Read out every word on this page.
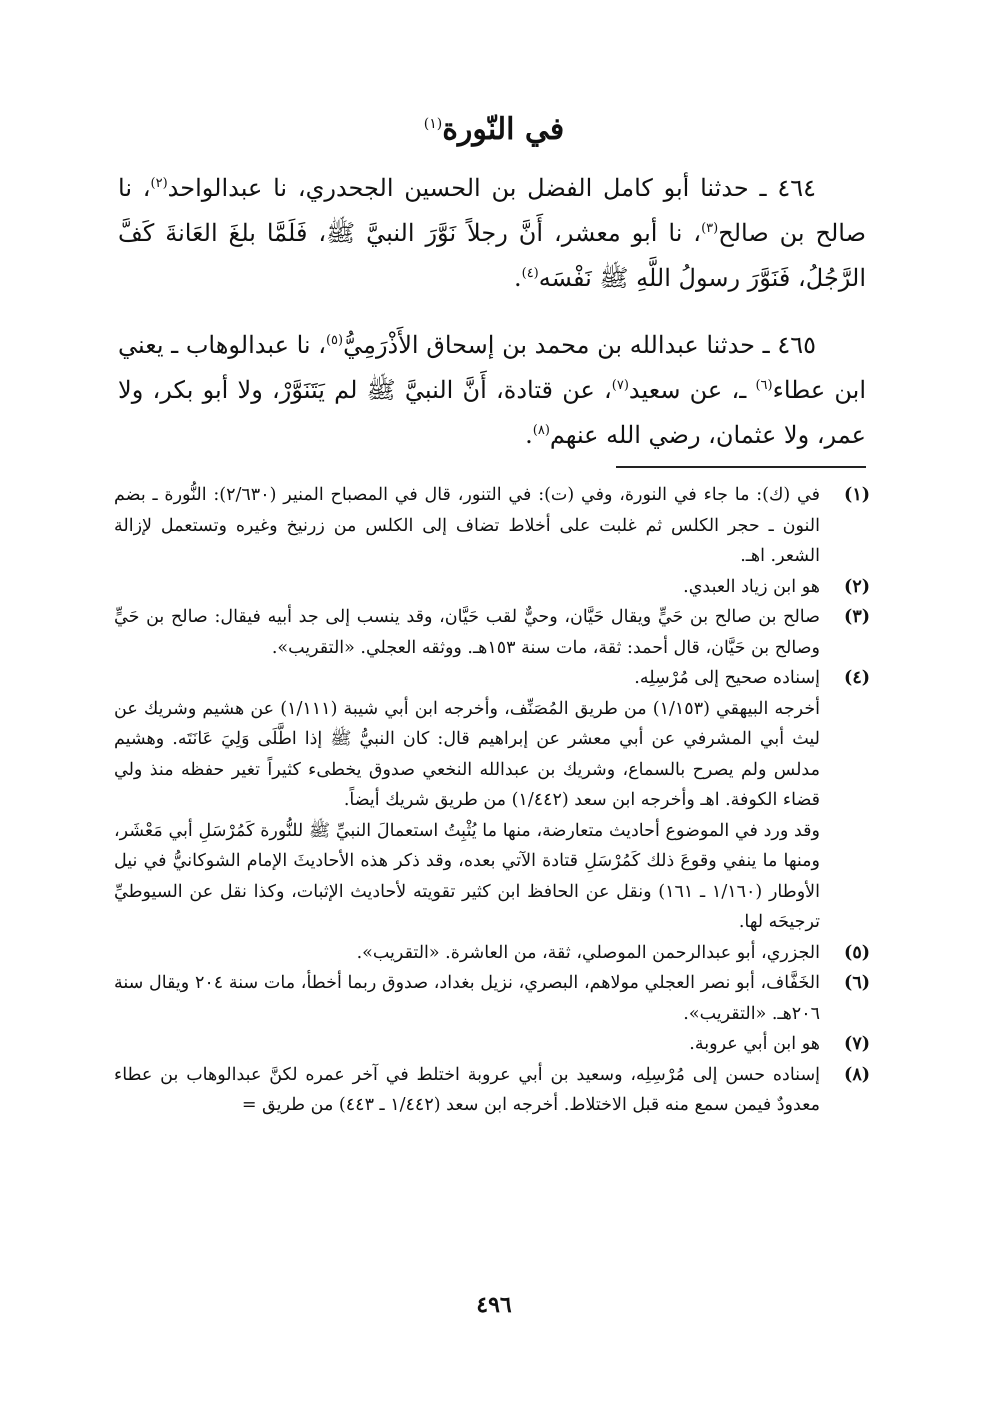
في النّورة$^{(١)}$

٤٦٤ ـ حدثنا أبو كامل الفضل بن الحسين الجحدري، نا عبدالواحد$^{(٢)}$، نا صالح بن صالح$^{(٣)}$، نا أبو معشر، أَنَّ رجلاً نَوَّرَ النبيَّ ﷺ، فَلَمَّا بلغَ العَانةَ كَفَّ الرَّجُلُ، فَنَوَّرَ رسولُ اللَّهِ ﷺ نَفْسَه$^{(٤)}$.

٤٦٥ ـ حدثنا عبدالله بن محمد بن إسحاق الأَذْرَمِيُّ$^{(٥)}$، نا عبدالوهاب ـ يعني ابن عطاء$^{(٦)}$ ـ، عن سعيد$^{(٧)}$، عن قتادة، أَنَّ النبيَّ ﷺ لم يَتَنَوَّرْ، ولا أبو بكر، ولا عمر، ولا عثمان، رضي الله عنهم$^{(٨)}$.

(١)
في (ك): ما جاء في النورة، وفي (ت): في التنور، قال في المصباح المنير (٢/٦٣٠): النُّورة ـ بضم النون ـ حجر الكلس ثم غلبت على أخلاط تضاف إلى الكلس من زرنيخ وغيره وتستعمل لإزالة الشعر. اهـ.
(٢)
هو ابن زياد العبدي.
(٣)
صالح بن صالح بن حَيٍّ ويقال حَيَّان، وحيٌّ لقب حَيَّان، وقد ينسب إلى جد أبيه فيقال: صالح بن حَيٍّ وصالح بن حَيَّان، قال أحمد: ثقة، مات سنة ١٥٣هـ. ووثقه العجلي. «التقريب».
(٤)
إسناده صحيح إلى مُرْسِلِه.
أخرجه البيهقي (١/١٥٣) من طريق المُصَنِّف، وأخرجه ابن أبي شيبة (١/١١١) عن هشيم وشريك عن ليث أبي المشرفي عن أبي معشر عن إبراهيم قال: كان النبيُّ ﷺ إذا اطَّلَى وَلِيَ عَانَتَه. وهشيم مدلس ولم يصرح بالسماع، وشريك بن عبدالله النخعي صدوق يخطىء كثيراً تغير حفظه منذ ولي قضاء الكوفة. اهـ وأخرجه ابن سعد (١/٤٤٢) من طريق شريك أيضاً.
وقد ورد في الموضوع أحاديث متعارضة، منها ما يُثْبِتُ استعمالَ النبيِّ ﷺ للنُّورة كَمُرْسَلِ أبي مَعْشَر، ومنها ما ينفي وقوعَ ذلك كَمُرْسَلِ قتادة الآتي بعده، وقد ذكر هذه الأحاديثَ الإمام الشوكانيُّ في نيل الأوطار (١/١٦٠ ـ ١٦١) ونقل عن الحافظ ابن كثير تقويته لأحاديث الإثبات، وكذا نقل عن السيوطيِّ ترجيحَه لها.
(٥)
الجزري، أبو عبدالرحمن الموصلي، ثقة، من العاشرة. «التقريب».
(٦)
الخَفَّاف، أبو نصر العجلي مولاهم، البصري، نزيل بغداد، صدوق ربما أخطأ، مات سنة ٢٠٤ ويقال سنة ٢٠٦هـ. «التقريب».
(٧)
هو ابن أبي عروبة.
(٨)
إسناده حسن إلى مُرْسِلِه، وسعيد بن أبي عروبة اختلط في آخر عمره لكنَّ عبدالوهاب بن عطاء معدودٌ فيمن سمع منه قبل الاختلاط. أخرجه ابن سعد (١/٤٤٢ ـ ٤٤٣) من طريق =
٤٩٦
